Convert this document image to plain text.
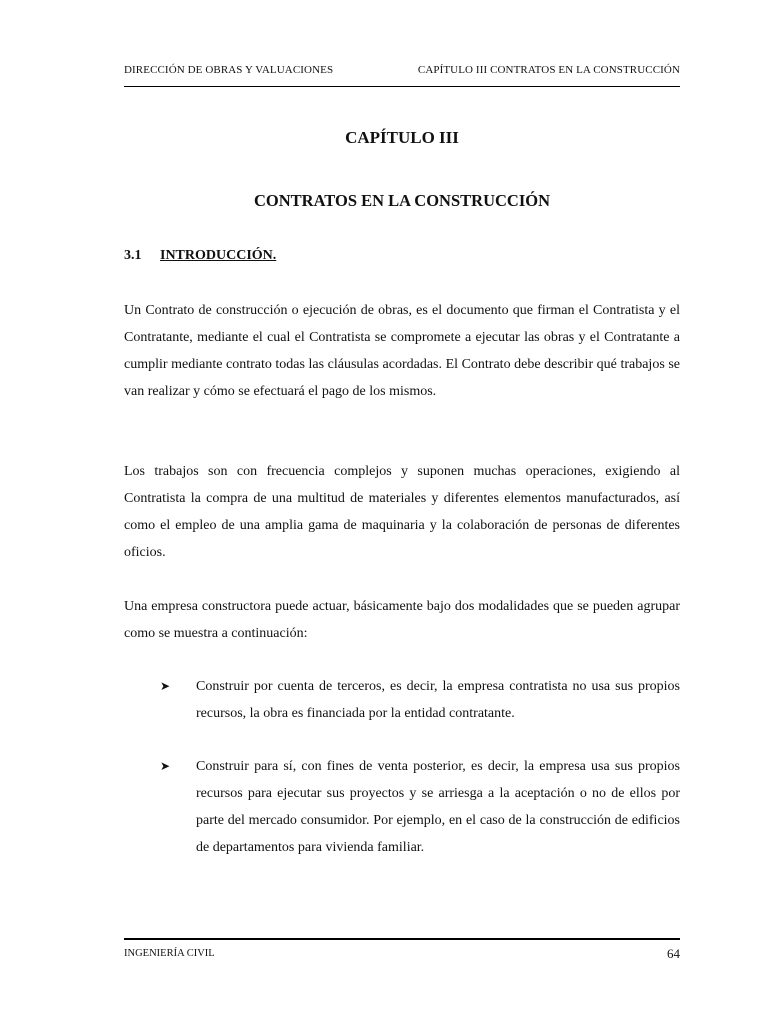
DIRECCIÓN DE OBRAS Y VALUACIONES	CAPÍTULO III CONTRATOS EN LA CONSTRUCCIÓN
CAPÍTULO III
CONTRATOS EN LA CONSTRUCCIÓN
3.1	INTRODUCCIÓN.

Un Contrato de construcción o ejecución de obras, es el documento que firman el Contratista y el Contratante, mediante el cual el Contratista se compromete a ejecutar las obras y el Contratante a cumplir mediante contrato todas las cláusulas acordadas. El Contrato debe describir qué trabajos se van realizar y cómo se efectuará el pago de los mismos.

Los trabajos son con frecuencia complejos y suponen muchas operaciones, exigiendo al Contratista la compra de una multitud de materiales y diferentes elementos manufacturados, así como el empleo de una amplia gama de maquinaria y la colaboración de personas de diferentes oficios.

Una empresa constructora puede actuar, básicamente bajo dos modalidades que se pueden agrupar como se muestra a continuación:

➤	Construir por cuenta de terceros, es decir, la empresa contratista no usa sus propios recursos, la obra es financiada por la entidad contratante.

➤	Construir para sí, con fines de venta posterior, es decir, la empresa usa sus propios recursos para ejecutar sus proyectos y se arriesga a la aceptación o no de ellos por parte del mercado consumidor. Por ejemplo, en el caso de la construcción de edificios de departamentos para vivienda familiar.

INGENIERÍA CIVIL	64
